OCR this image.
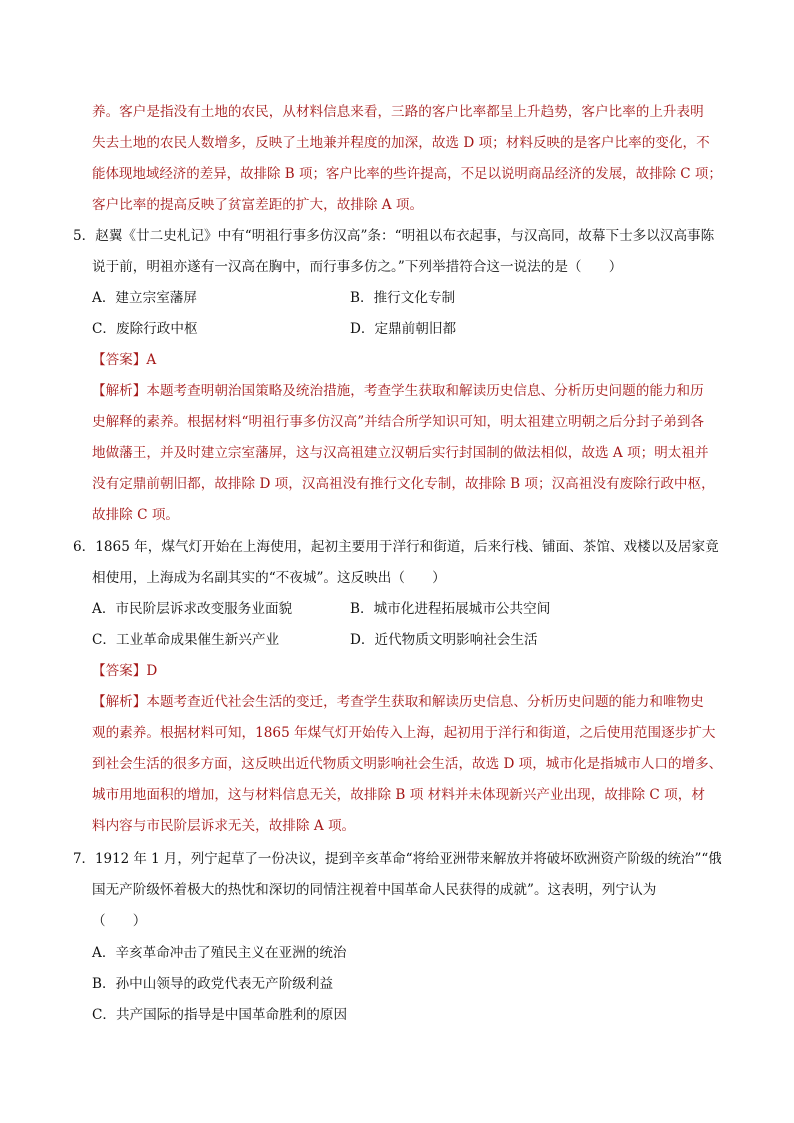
养。客户是指没有土地的农民，从材料信息来看，三路的客户比率都呈上升趋势，客户比率的上升表明
失去土地的农民人数增多，反映了土地兼并程度的加深，故选 D 项；材料反映的是客户比率的变化，不
能体现地域经济的差异，故排除 B 项；客户比率的些许提高，不足以说明商品经济的发展，故排除 C 项；
客户比率的提高反映了贫富差距的扩大，故排除 A 项。
5．赵翼《廿二史札记》中有“明祖行事多仿汉高”条：“明祖以布衣起事，与汉高同，故幕下士多以汉高事陈
说于前，明祖亦遂有一汉高在胸中，而行事多仿之。”下列举措符合这一说法的是（　　）
A．建立宗室藩屏	B．推行文化专制
C．废除行政中枢	D．定鼎前朝旧都
【答案】A
【解析】本题考查明朝治国策略及统治措施，考查学生获取和解读历史信息、分析历史问题的能力和历
史解释的素养。根据材料“明祖行事多仿汉高”并结合所学知识可知，明太祖建立明朝之后分封子弟到各
地做藩王，并及时建立宗室藩屏，这与汉高祖建立汉朝后实行封国制的做法相似，故选 A 项；明太祖并
没有定鼎前朝旧都，故排除 D 项，汉高祖没有推行文化专制，故排除 B 项；汉高祖没有废除行政中枢，
故排除 C 项。
6．1865 年，煤气灯开始在上海使用，起初主要用于洋行和街道，后来行栈、铺面、茶馆、戏楼以及居家竟
相使用，上海成为名副其实的“不夜城”。这反映出（　　）
A．市民阶层诉求改变服务业面貌	B．城市化进程拓展城市公共空间
C．工业革命成果催生新兴产业	D．近代物质文明影响社会生活
【答案】D
【解析】本题考查近代社会生活的变迁，考查学生获取和解读历史信息、分析历史问题的能力和唯物史
观的素养。根据材料可知，1865 年煤气灯开始传入上海，起初用于洋行和街道，之后使用范围逐步扩大
到社会生活的很多方面，这反映出近代物质文明影响社会生活，故选 D 项，城市化是指城市人口的增多、
城市用地面积的增加，这与材料信息无关，故排除 B 项 材料并未体现新兴产业出现，故排除 C 项，材
料内容与市民阶层诉求无关，故排除 A 项。
7．1912 年 1 月，列宁起草了一份决议，提到辛亥革命“将给亚洲带来解放并将破坏欧洲资产阶级的统治”“俄
国无产阶级怀着极大的热忱和深切的同情注视着中国革命人民获得的成就”。这表明，列宁认为
（　　）
A．辛亥革命冲击了殖民主义在亚洲的统治
B．孙中山领导的政党代表无产阶级利益
C．共产国际的指导是中国革命胜利的原因
